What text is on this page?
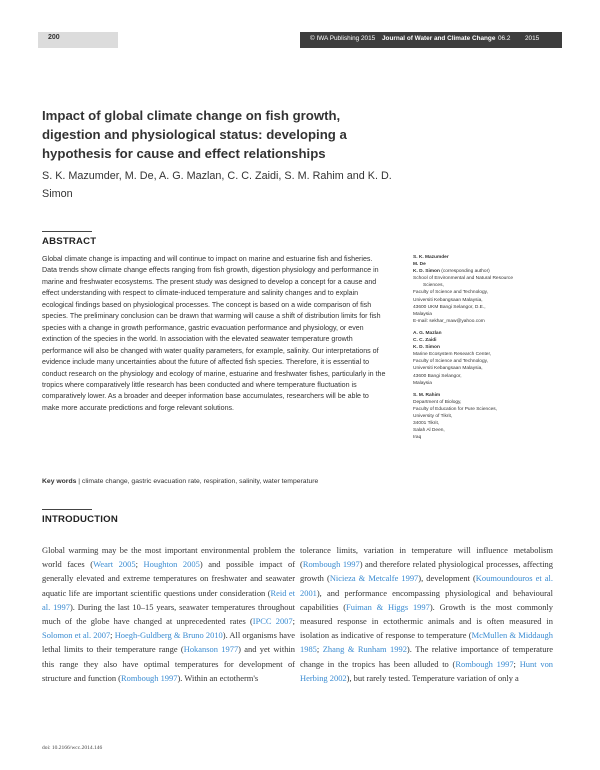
200	© IWA Publishing 2015 Journal of Water and Climate Change 06.2 2015
Impact of global climate change on fish growth, digestion and physiological status: developing a hypothesis for cause and effect relationships
S. K. Mazumder, M. De, A. G. Mazlan, C. C. Zaidi, S. M. Rahim and K. D. Simon
ABSTRACT

Global climate change is impacting and will continue to impact on marine and estuarine fish and fisheries. Data trends show climate change effects ranging from fish growth, digestion physiology and performance in marine and freshwater ecosystems. The present study was designed to develop a concept for a cause and effect understanding with respect to climate-induced temperature and salinity changes and to explain ecological findings based on physiological processes. The concept is based on a wide comparison of fish species. The preliminary conclusion can be drawn that warming will cause a shift of distribution limits for fish species with a change in growth performance, gastric evacuation performance and physiology, or even extinction of the species in the world. In association with the elevated seawater temperature growth performance will also be changed with water quality parameters, for example, salinity. Our interpretations of evidence include many uncertainties about the future of affected fish species. Therefore, it is essential to conduct research on the physiology and ecology of marine, estuarine and freshwater fishes, particularly in the tropics where comparatively little research has been conducted and where temperature fluctuation is comparatively lower. As a broader and deeper information base accumulates, researchers will be able to make more accurate predictions and forge relevant solutions.

Key words | climate change, gastric evacuation rate, respiration, salinity, water temperature
S. K. Mazumder
M. De
K. D. Simon (corresponding author)
School of Environmental and Natural Resource
Sciences,
Faculty of Science and Technology,
Universiti Kebangsaan Malaysia,
43600 UKM Bangi Selangor, D.E.,
Malaysia
E-mail: sekhar_maw@yahoo.com
A. G. Mazlan
C. C. Zaidi
K. D. Simon
Marine Ecosystem Research Center,
Faculty of Science and Technology,
Universiti Kebangsaan Malaysia,
43600 Bangi Selangor,
Malaysia
S. M. Rahim
Department of Biology,
Faculty of Education for Pure Sciences,
University of Tikrit,
34001 Tikrit,
Salah Al Deen,
Iraq
INTRODUCTION

Global warming may be the most important environmental problem the world faces (Weart 2005; Houghton 2005) and possible impact of generally elevated and extreme temperatures on freshwater and seawater aquatic life are important scientific questions under consideration (Reid et al. 1997). During the last 10–15 years, seawater temperatures throughout much of the globe have changed at unprecedented rates (IPCC 2007; Solomon et al. 2007; Hoegh-Guldberg & Bruno 2010). All organisms have lethal limits to their temperature range (Hokanson 1977) and yet within this range they also have optimal temperatures for development of structure and function (Rombough 1997). Within an ectotherm's

tolerance limits, variation in temperature will influence metabolism (Rombough 1997) and therefore related physiological processes, affecting growth (Nicieza & Metcalfe 1997), development (Koumoundouros et al. 2001), and performance encompassing physiological and behavioural capabilities (Fuiman & Higgs 1997). Growth is the most commonly measured response in ectothermic animals and is often measured in isolation as indicative of response to temperature (McMullen & Middaugh 1985; Zhang & Runham 1992). The relative importance of temperature change in the tropics has been alluded to (Rombough 1997; Hunt von Herbing 2002), but rarely tested. Temperature variation of only a

doi: 10.2166/wcc.2014.146
